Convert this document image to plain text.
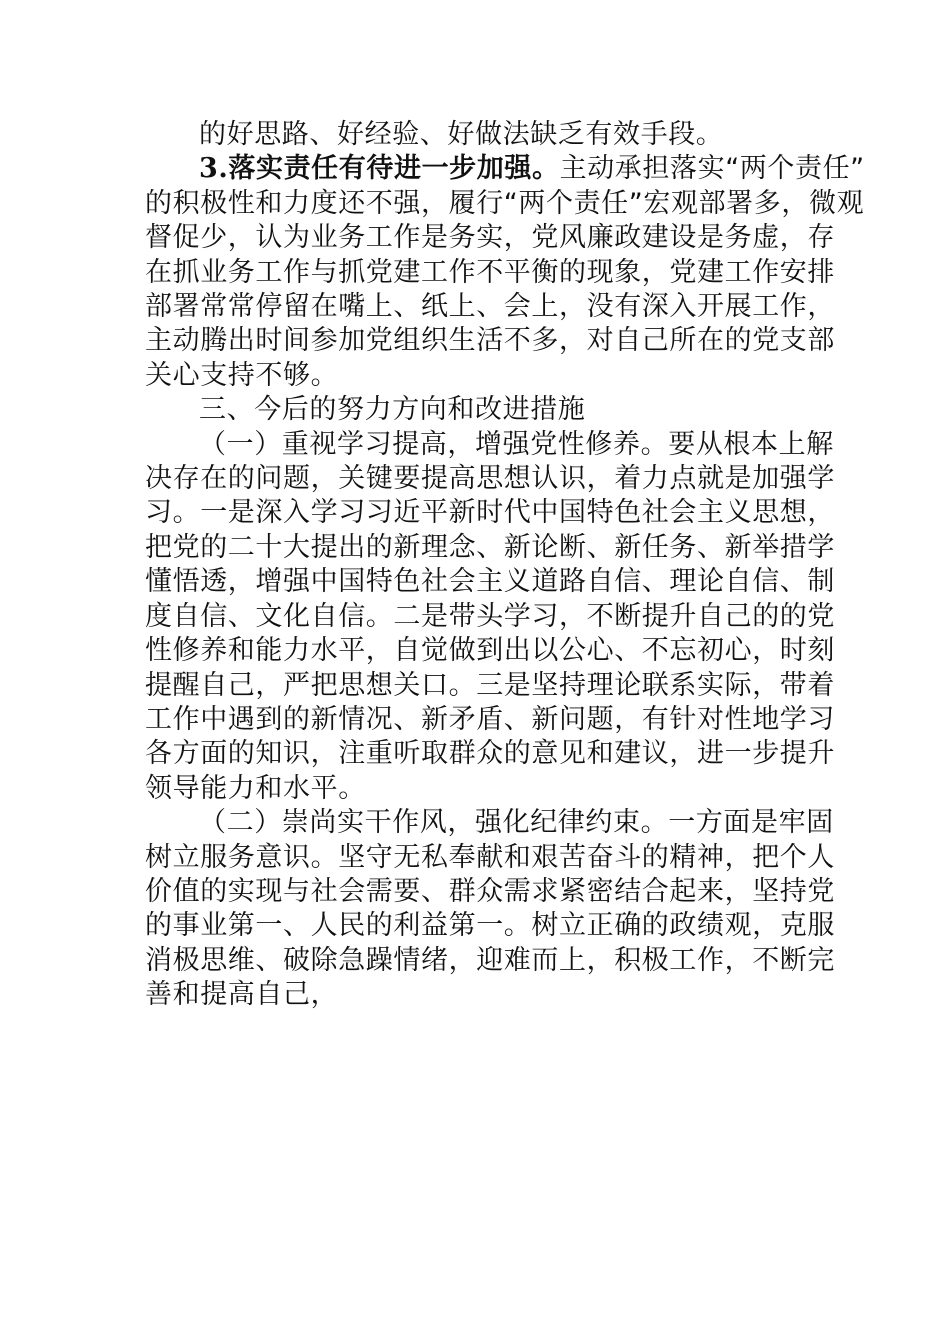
的好思路、好经验、好做法缺乏有效手段。
3.落实责任有待进一步加强。主动承担落实“两个责任”
的积极性和力度还不强，履行“两个责任”宏观部署多，微观
督促少，认为业务工作是务实，党风廉政建设是务虚，存
在抓业务工作与抓党建工作不平衡的现象，党建工作安排
部署常常停留在嘴上、纸上、会上，没有深入开展工作，
主动腾出时间参加党组织生活不多，对自己所在的党支部
关心支持不够。
三、今后的努力方向和改进措施
（一）重视学习提高，增强党性修养。要从根本上解
决存在的问题，关键要提高思想认识，着力点就是加强学
习。一是深入学习习近平新时代中国特色社会主义思想，
把党的二十大提出的新理念、新论断、新任务、新举措学
懂悟透，增强中国特色社会主义道路自信、理论自信、制
度自信、文化自信。二是带头学习，不断提升自己的的党
性修养和能力水平，自觉做到出以公心、不忘初心，时刻
提醒自己，严把思想关口。三是坚持理论联系实际，带着
工作中遇到的新情况、新矛盾、新问题，有针对性地学习
各方面的知识，注重听取群众的意见和建议，进一步提升
领导能力和水平。
（二）崇尚实干作风，强化纪律约束。一方面是牢固
树立服务意识。坚守无私奉献和艰苦奋斗的精神，把个人
价值的实现与社会需要、群众需求紧密结合起来，坚持党
的事业第一、人民的利益第一。树立正确的政绩观，克服
消极思维、破除急躁情绪，迎难而上，积极工作，不断完
善和提高自己，
